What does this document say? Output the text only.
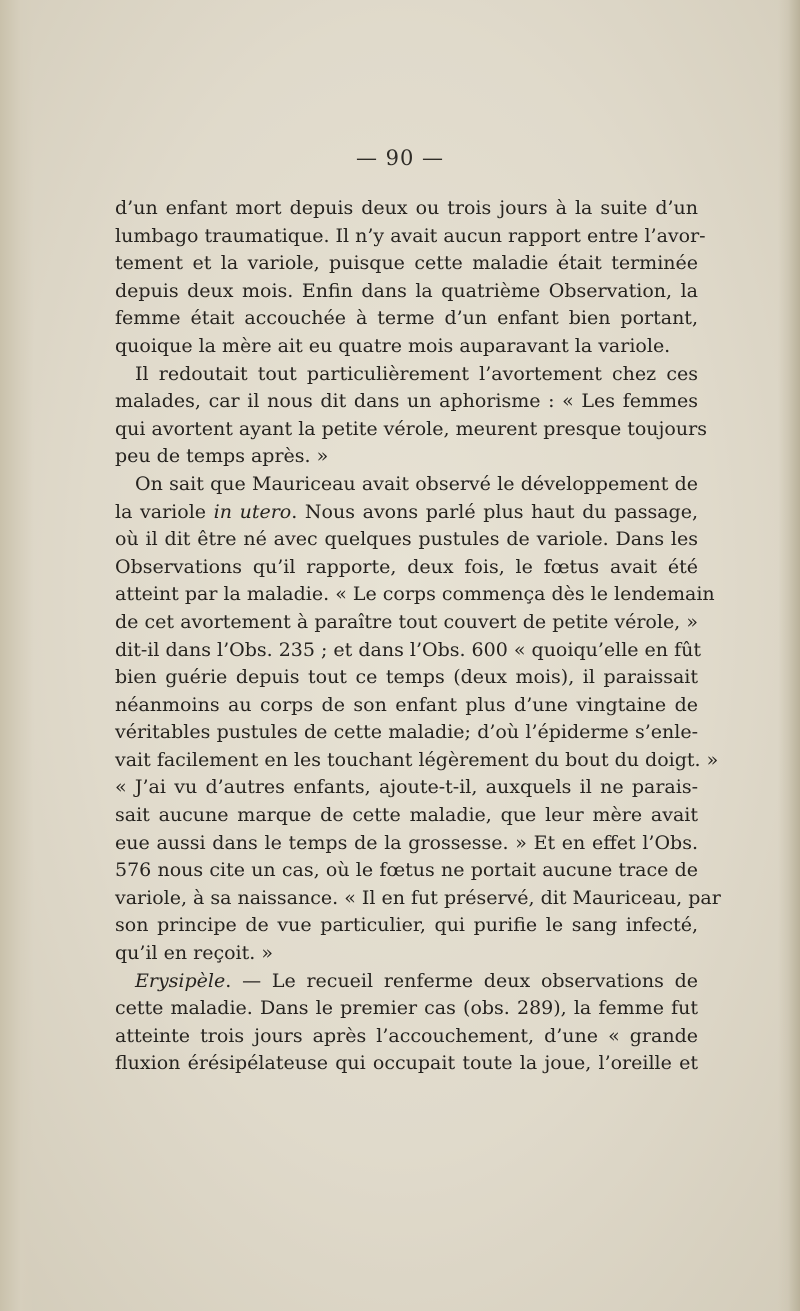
— 90 —
d’un enfant mort depuis deux ou trois jours à la suite d’un
lumbago traumatique. Il n’y avait aucun rapport entre l’avor-
tement et la variole, puisque cette maladie était terminée
depuis deux mois. Enfin dans la quatrième Observation, la
femme était accouchée à terme d’un enfant bien portant,
quoique la mère ait eu quatre mois auparavant la variole.
Il redoutait tout particulièrement l’avortement chez ces
malades, car il nous dit dans un aphorisme : « Les femmes
qui avortent ayant la petite vérole, meurent presque toujours
peu de temps après. »
On sait que Mauriceau avait observé le développement de
la variole in utero. Nous avons parlé plus haut du passage,
où il dit être né avec quelques pustules de variole. Dans les
Observations qu’il rapporte, deux fois, le fœtus avait été
atteint par la maladie. « Le corps commença dès le lendemain
de cet avortement à paraître tout couvert de petite vérole, »
dit-il dans l’Obs. 235 ; et dans l’Obs. 600 « quoiqu’elle en fût
bien guérie depuis tout ce temps (deux mois), il paraissait
néanmoins au corps de son enfant plus d’une vingtaine de
véritables pustules de cette maladie; d’où l’épiderme s’enle-
vait facilement en les touchant légèrement du bout du doigt. »
« J’ai vu d’autres enfants, ajoute-t-il, auxquels il ne parais-
sait aucune marque de cette maladie, que leur mère avait
eue aussi dans le temps de la grossesse. » Et en effet l’Obs.
576 nous cite un cas, où le fœtus ne portait aucune trace de
variole, à sa naissance. « Il en fut préservé, dit Mauriceau, par
son principe de vue particulier, qui purifie le sang infecté,
qu’il en reçoit. »
Erysipèle. — Le recueil renferme deux observations de
cette maladie. Dans le premier cas (obs. 289), la femme fut
atteinte trois jours après l’accouchement, d’une « grande
fluxion érésipélateuse qui occupait toute la joue, l’oreille et
